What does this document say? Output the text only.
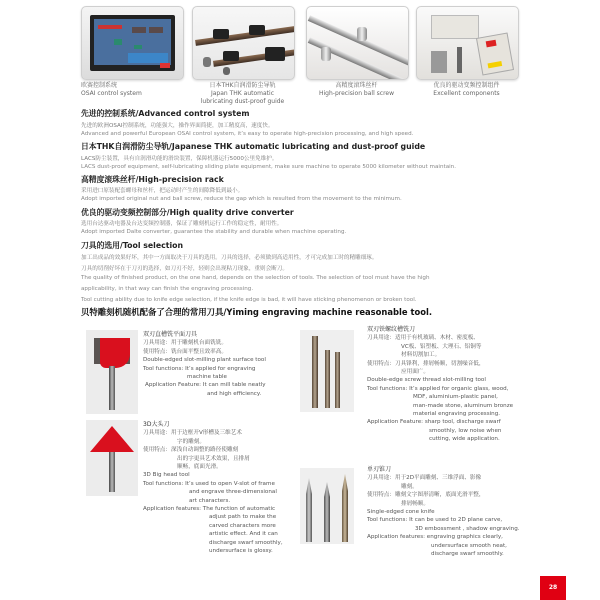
欧赛控制系统
OSAI control system
日本THK自润滑防尘导轨
Japan THK automatic
lubricating dust-proof guide
高精度滚珠丝杆
High-precision ball screw
优良的驱动变频控制组件
Excellent components
先进的控制系统/Advanced control system
先进的欧洲OSAI控制系统，功能强大，操作界面简捷，加工精度高，速度快。
Advanced and powerful European OSAI control system, it’s easy to operate high-precision processing, and high speed.
日本THK自润滑防尘导轨/Japanese THK automatic lubricating and dust-proof guide
LACS防尘装置，具有自润滑功能的滑块装置，保障机器运行5000公里免维护。
LACS dust-proof equipment, self-lubricating sliding plate equipment, make sure machine to operate 5000 kilometer without maintain.
高精度滚珠丝杆/High-precision rack
采用进口原装配套螺母和丝杆，把运动时产生的间隙降低到最小。
Adopt imported original nut and ball screw, reduce the gap which is resulted from the movement to the minimum.
优良的驱动变频控制部分/High quality drive converter
选用台达驱动电器及台达变频控制器，保证了雕刻机运行工作的稳定性，耐用性。
Adopt imported Dalte converter, guarantee the stability and durable when machine operating.
刀具的选用/Tool selection
加工出成品的效果好坏，其中一方面取决于刀具的选用。刀具的选择，必须做到高适用性，才可完成加工时的精雕细琢。
刀具的切削好坏在于刀刃的选择，如刀刃不好，轻则会出现粘刀现象，重则会断刀。
The quality of finished product, on the one hand, depends on the selection of tools. The selection of tool must have the high
applicability, in that way can finish the engraving processing.
Tool cutting ability due to knife edge selection, if the knife edge is bad, it will have sticking phenomenon or broken tool.
贝特雕刻机随机配备了合理的常用刀具/Yiming engraving machine reasonable tool.
双刃直槽铣平面刀具
刀具用途：用于雕刻机台面铣铣。
使用特点：铣台面平整且效率高。
Double-edged slot-milling plant surface tool
Tool functions: It’s applied for engraving
machine table
Application Feature: It can mill table neatly
and high efficiency.
3D大头刀
刀具用途：用于边框开V形槽及三维艺术
字的雕刻。
使用特点：深浅自动调整的路径使雕刻
出的字更具艺术效果，且排屑
顺畅，底面光滑。
3D Big head tool
Tool functions: It’s used to open V-slot of frame
and engrave three-dimensional
art characters.
Application features: The function of automatic
adjust path to make the
carved characters more
artistic effect. And it can
discharge swarf smoothly,
undersurface is glossy.
双刃铁螺纹槽铣刀
刀具用途：适用于有机玻璃、木材、密度板、
VC板、铝塑板、大理石、铝铜等
材料切割加工。
使用特点：刀具锋利，排屑畅顺，切割噪音低，
应用面广。
Double-edge screw thread slot-milling tool
Tool functions: It’s applied for organic glass, wood,
MDF, aluminium-plastic panel,
man-made stone, aluminum bronze
material engraving processing.
Application Feature: sharp tool, discharge swarf
smoothly, low noise when
cutting, wide application.
单刃锥刀
刀具用途：用于2D平面雕刻、三维浮面、影像
雕刻。
使用特点：雕刻文字图形清晰，底面光滑平整，
排屑畅顺。
Single-edged cone knife
Tool functions: It can be used to 2D plane carve,
3D embossment , shadow engraving.
Application features: engraving graphics clearly,
undersurface smooth neat,
discharge swarf smoothly.
28
